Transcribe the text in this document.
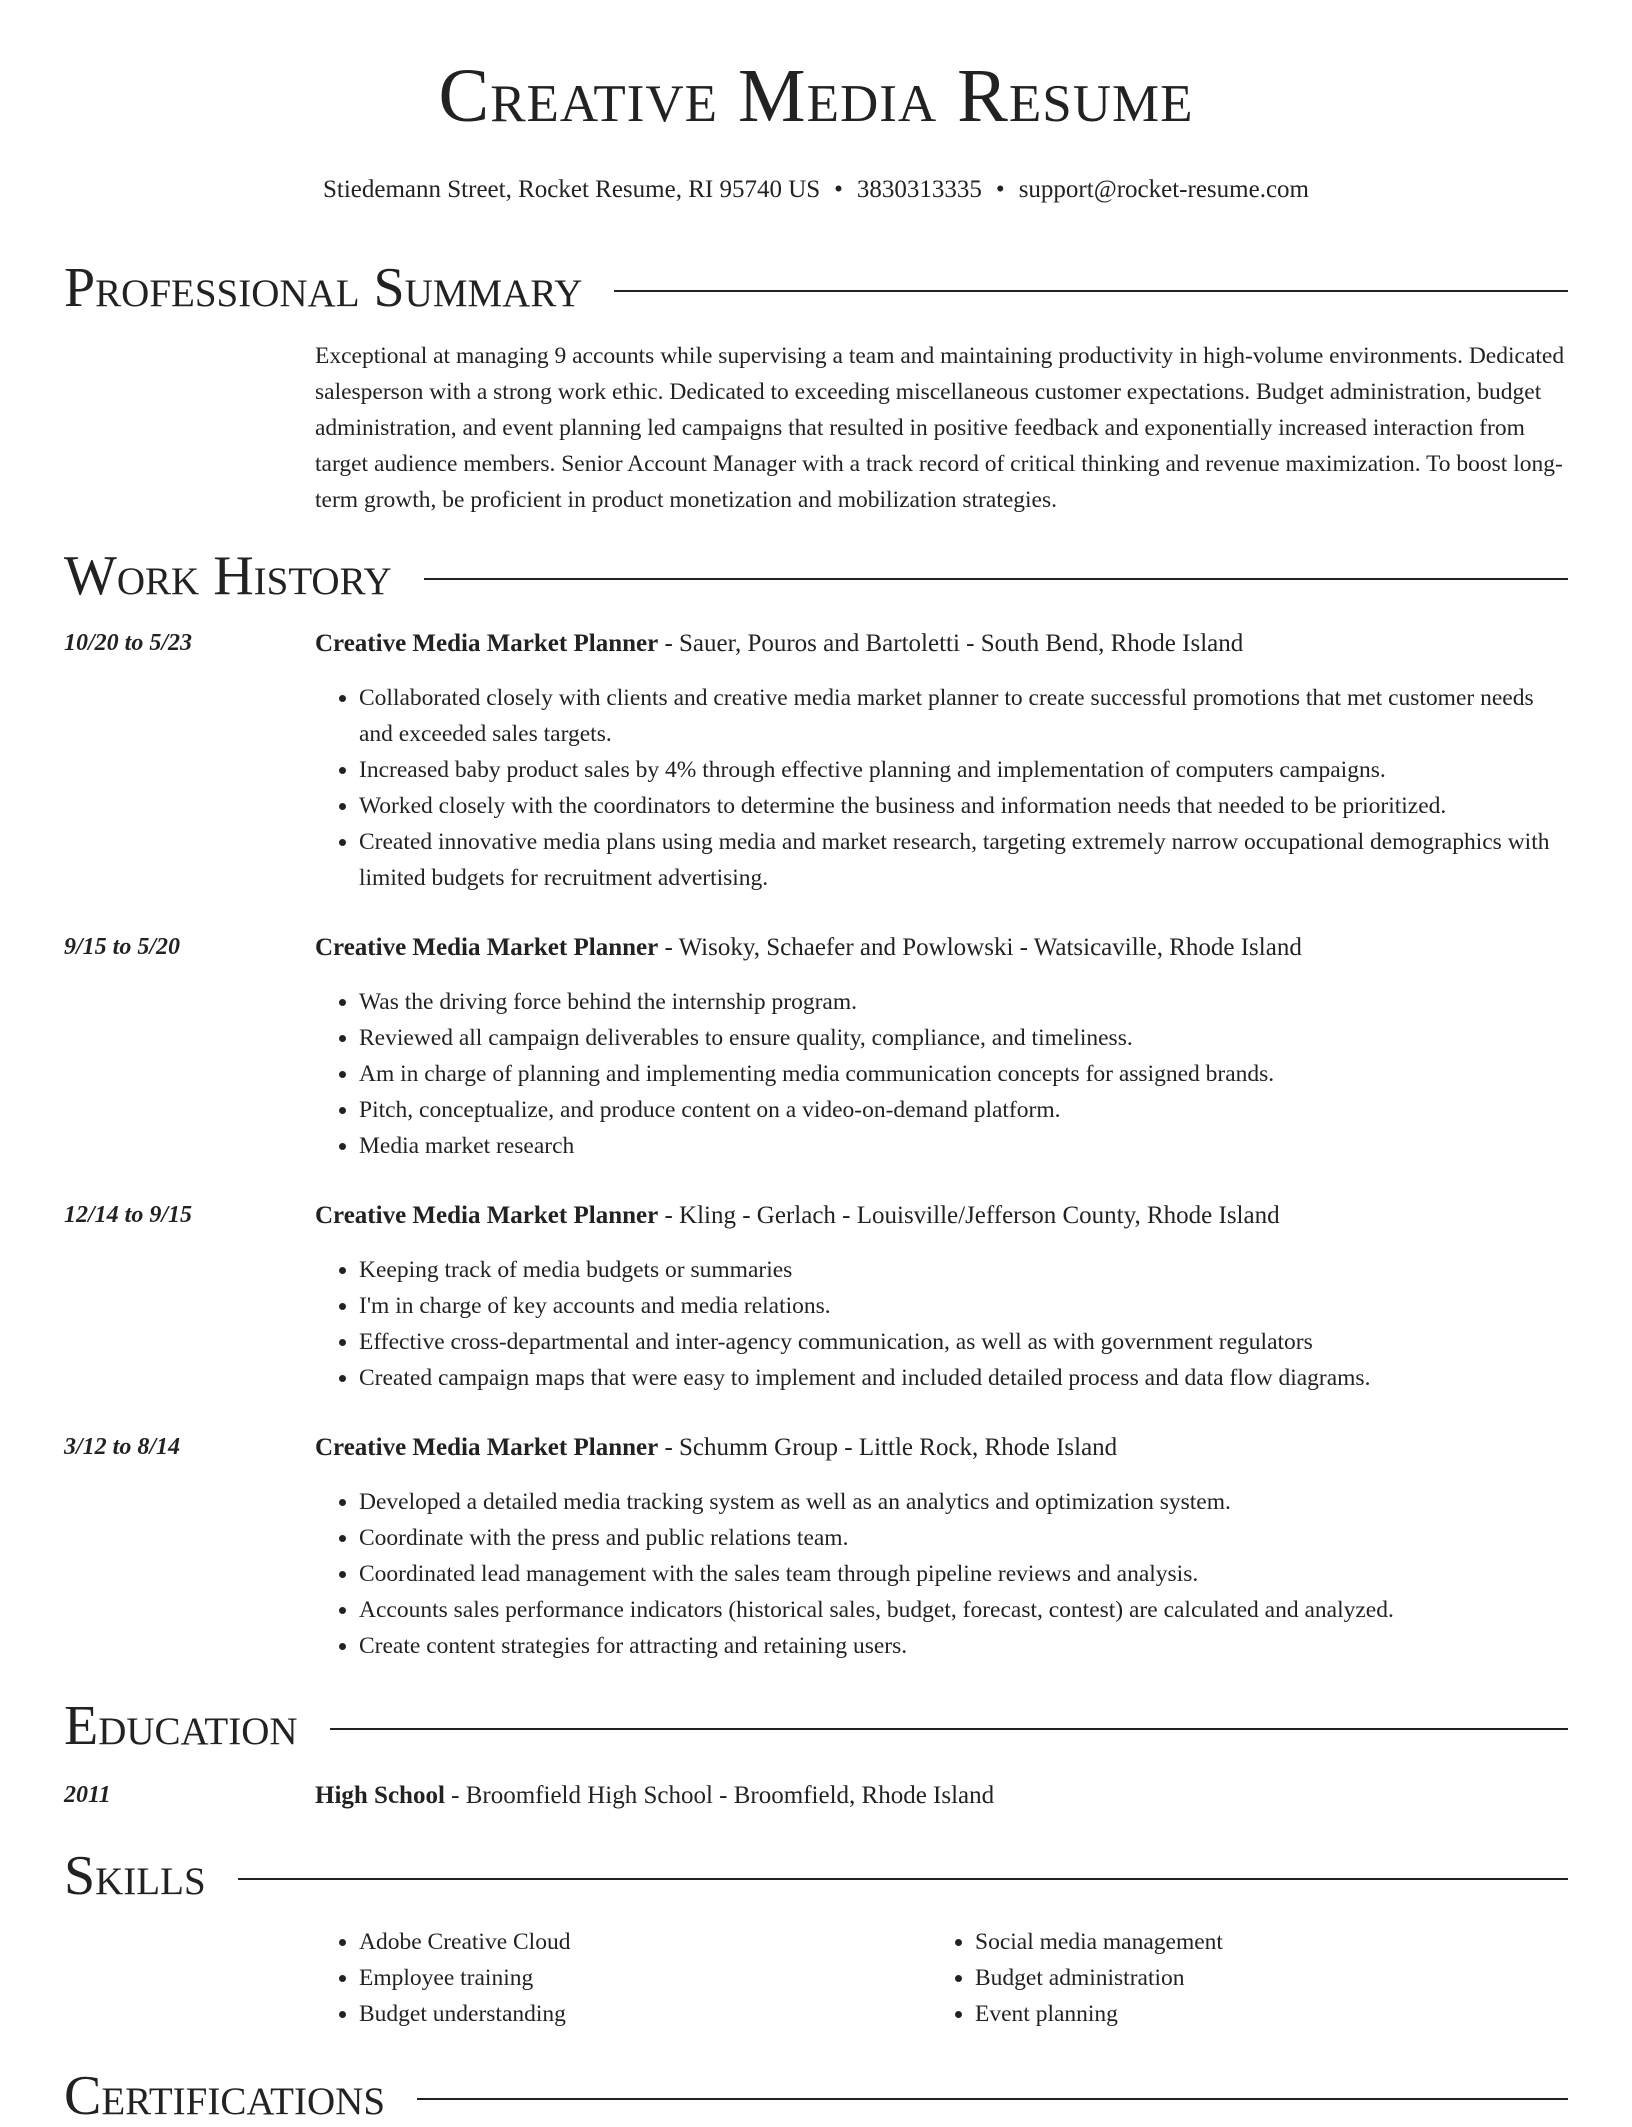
Creative Media Resume
Stiedemann Street, Rocket Resume, RI 95740 US • 3830313335 • support@rocket-resume.com
Professional Summary
Exceptional at managing 9 accounts while supervising a team and maintaining productivity in high-volume environments. Dedicated salesperson with a strong work ethic. Dedicated to exceeding miscellaneous customer expectations. Budget administration, budget administration, and event planning led campaigns that resulted in positive feedback and exponentially increased interaction from target audience members. Senior Account Manager with a track record of critical thinking and revenue maximization. To boost long-term growth, be proficient in product monetization and mobilization strategies.
Work History
10/20 to 5/23	Creative Media Market Planner - Sauer, Pouros and Bartoletti - South Bend, Rhode Island
• Collaborated closely with clients and creative media market planner to create successful promotions that met customer needs and exceeded sales targets.
• Increased baby product sales by 4% through effective planning and implementation of computers campaigns.
• Worked closely with the coordinators to determine the business and information needs that needed to be prioritized.
• Created innovative media plans using media and market research, targeting extremely narrow occupational demographics with limited budgets for recruitment advertising.
9/15 to 5/20	Creative Media Market Planner - Wisoky, Schaefer and Powlowski - Watsicaville, Rhode Island
• Was the driving force behind the internship program.
• Reviewed all campaign deliverables to ensure quality, compliance, and timeliness.
• Am in charge of planning and implementing media communication concepts for assigned brands.
• Pitch, conceptualize, and produce content on a video-on-demand platform.
• Media market research
12/14 to 9/15	Creative Media Market Planner - Kling - Gerlach - Louisville/Jefferson County, Rhode Island
• Keeping track of media budgets or summaries
• I'm in charge of key accounts and media relations.
• Effective cross-departmental and inter-agency communication, as well as with government regulators
• Created campaign maps that were easy to implement and included detailed process and data flow diagrams.
3/12 to 8/14	Creative Media Market Planner - Schumm Group - Little Rock, Rhode Island
• Developed a detailed media tracking system as well as an analytics and optimization system.
• Coordinate with the press and public relations team.
• Coordinated lead management with the sales team through pipeline reviews and analysis.
• Accounts sales performance indicators (historical sales, budget, forecast, contest) are calculated and analyzed.
• Create content strategies for attracting and retaining users.
Education
2011	High School - Broomfield High School - Broomfield, Rhode Island
Skills
• Adobe Creative Cloud
• Employee training
• Budget understanding
• Social media management
• Budget administration
• Event planning
Certifications
